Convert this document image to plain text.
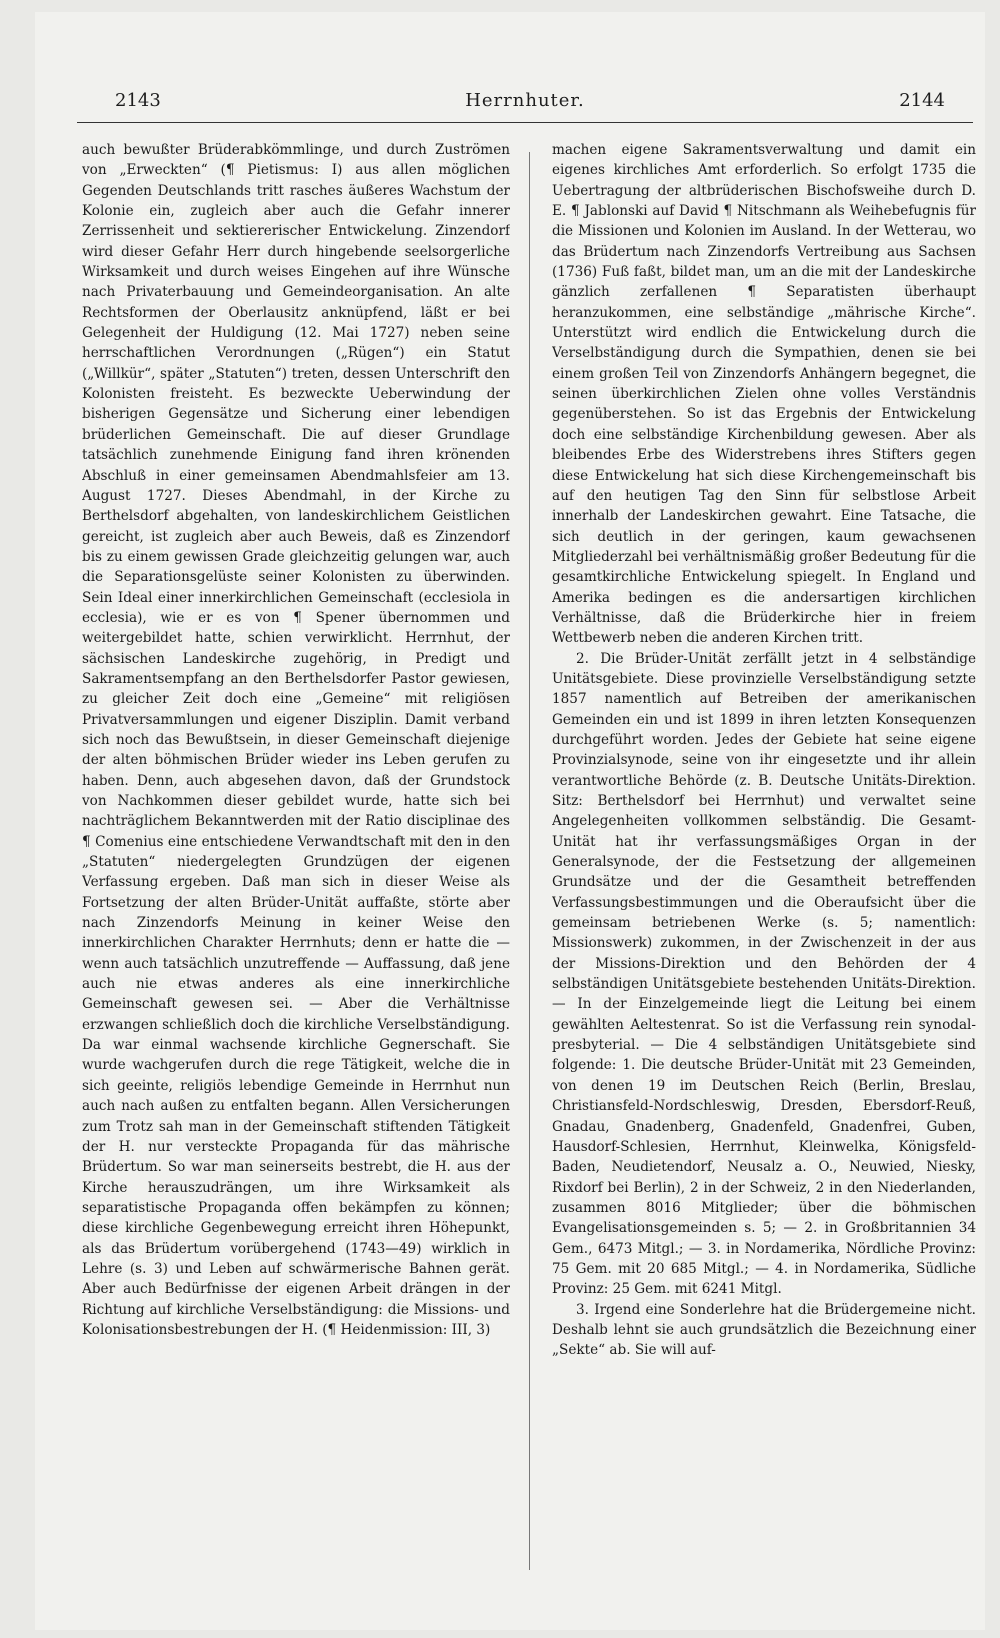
2143	Herrnhuter.	2144

auch bewußter Brüderabkömmlinge, und durch Zuströmen von „Erweckten“ (¶ Pietismus: I) aus allen möglichen Gegenden Deutschlands tritt rasches äußeres Wachstum der Kolonie ein, zugleich aber auch die Gefahr innerer Zerrissenheit und sektiererischer Entwickelung. Zinzendorf wird dieser Gefahr Herr durch hingebende seelsorgerliche Wirksamkeit und durch weises Eingehen auf ihre Wünsche nach Privaterbauung und Gemeindeorganisation. An alte Rechtsformen der Oberlausitz anknüpfend, läßt er bei Gelegenheit der Huldigung (12. Mai 1727) neben seine herrschaftlichen Verordnungen („Rügen“) ein Statut („Willkür“, später „Statuten“) treten, dessen Unterschrift den Kolonisten freisteht. Es bezweckte Ueberwindung der bisherigen Gegensätze und Sicherung einer lebendigen brüderlichen Gemeinschaft. Die auf dieser Grundlage tatsächlich zunehmende Einigung fand ihren krönenden Abschluß in einer gemeinsamen Abendmahlsfeier am 13. August 1727. Dieses Abendmahl, in der Kirche zu Berthelsdorf abgehalten, von landeskirchlichem Geistlichen gereicht, ist zugleich aber auch Beweis, daß es Zinzendorf bis zu einem gewissen Grade gleichzeitig gelungen war, auch die Separationsgelüste seiner Kolonisten zu überwinden. Sein Ideal einer innerkirchlichen Gemeinschaft (ecclesiola in ecclesia), wie er es von ¶ Spener übernommen und weitergebildet hatte, schien verwirklicht. Herrnhut, der sächsischen Landeskirche zugehörig, in Predigt und Sakramentsempfang an den Berthelsdorfer Pastor gewiesen, zu gleicher Zeit doch eine „Gemeine“ mit religiösen Privatversammlungen und eigener Disziplin. Damit verband sich noch das Bewußtsein, in dieser Gemeinschaft diejenige der alten böhmischen Brüder wieder ins Leben gerufen zu haben. Denn, auch abgesehen davon, daß der Grundstock von Nachkommen dieser gebildet wurde, hatte sich bei nachträglichem Bekanntwerden mit der Ratio disciplinae des ¶ Comenius eine entschiedene Verwandtschaft mit den in den „Statuten“ niedergelegten Grundzügen der eigenen Verfassung ergeben. Daß man sich in dieser Weise als Fortsetzung der alten Brüder-Unität auffaßte, störte aber nach Zinzendorfs Meinung in keiner Weise den innerkirchlichen Charakter Herrnhuts; denn er hatte die — wenn auch tatsächlich unzutreffende — Auffassung, daß jene auch nie etwas anderes als eine innerkirchliche Gemeinschaft gewesen sei. — Aber die Verhältnisse erzwangen schließlich doch die kirchliche Verselbständigung. Da war einmal wachsende kirchliche Gegnerschaft. Sie wurde wachgerufen durch die rege Tätigkeit, welche die in sich geeinte, religiös lebendige Gemeinde in Herrnhut nun auch nach außen zu entfalten begann. Allen Versicherungen zum Trotz sah man in der Gemeinschaft stiftenden Tätigkeit der H. nur versteckte Propaganda für das mährische Brüdertum. So war man seinerseits bestrebt, die H. aus der Kirche herauszudrängen, um ihre Wirksamkeit als separatistische Propaganda offen bekämpfen zu können; diese kirchliche Gegenbewegung erreicht ihren Höhepunkt, als das Brüdertum vorübergehend (1743—49) wirklich in Lehre (s. 3) und Leben auf schwärmerische Bahnen gerät. Aber auch Bedürfnisse der eigenen Arbeit drängen in der Richtung auf kirchliche Verselbständigung: die Missions- und Kolonisationsbestrebungen der H. (¶ Heidenmission: III, 3)

machen eigene Sakramentsverwaltung und damit ein eigenes kirchliches Amt erforderlich. So erfolgt 1735 die Uebertragung der altbrüderischen Bischofsweihe durch D. E. ¶ Jablonski auf David ¶ Nitschmann als Weihebefugnis für die Missionen und Kolonien im Ausland. In der Wetterau, wo das Brüdertum nach Zinzendorfs Vertreibung aus Sachsen (1736) Fuß faßt, bildet man, um an die mit der Landeskirche gänzlich zerfallenen ¶ Separatisten überhaupt heranzukommen, eine selbständige „mährische Kirche“. Unterstützt wird endlich die Entwickelung durch die Verselbständigung durch die Sympathien, denen sie bei einem großen Teil von Zinzendorfs Anhängern begegnet, die seinen überkirchlichen Zielen ohne volles Verständnis gegenüberstehen. So ist das Ergebnis der Entwickelung doch eine selbständige Kirchenbildung gewesen. Aber als bleibendes Erbe des Widerstrebens ihres Stifters gegen diese Entwickelung hat sich diese Kirchengemeinschaft bis auf den heutigen Tag den Sinn für selbstlose Arbeit innerhalb der Landeskirchen gewahrt. Eine Tatsache, die sich deutlich in der geringen, kaum gewachsenen Mitgliederzahl bei verhältnismäßig großer Bedeutung für die gesamtkirchliche Entwickelung spiegelt. In England und Amerika bedingen es die andersartigen kirchlichen Verhältnisse, daß die Brüderkirche hier in freiem Wettbewerb neben die anderen Kirchen tritt.

2. Die Brüder-Unität zerfällt jetzt in 4 selbständige Unitätsgebiete. Diese provinzielle Verselbständigung setzte 1857 namentlich auf Betreiben der amerikanischen Gemeinden ein und ist 1899 in ihren letzten Konsequenzen durchgeführt worden. Jedes der Gebiete hat seine eigene Provinzialsynode, seine von ihr eingesetzte und ihr allein verantwortliche Behörde (z. B. Deutsche Unitäts-Direktion. Sitz: Berthelsdorf bei Herrnhut) und verwaltet seine Angelegenheiten vollkommen selbständig. Die Gesamt-Unität hat ihr verfassungsmäßiges Organ in der Generalsynode, der die Festsetzung der allgemeinen Grundsätze und der die Gesamtheit betreffenden Verfassungsbestimmungen und die Oberaufsicht über die gemeinsam betriebenen Werke (s. 5; namentlich: Missionswerk) zukommen, in der Zwischenzeit in der aus der Missions-Direktion und den Behörden der 4 selbständigen Unitätsgebiete bestehenden Unitäts-Direktion. — In der Einzelgemeinde liegt die Leitung bei einem gewählten Aeltestenrat. So ist die Verfassung rein synodal-presbyterial. — Die 4 selbständigen Unitätsgebiete sind folgende: 1. Die deutsche Brüder-Unität mit 23 Gemeinden, von denen 19 im Deutschen Reich (Berlin, Breslau, Christiansfeld-Nordschleswig, Dresden, Ebersdorf-Reuß, Gnadau, Gnadenberg, Gnadenfeld, Gnadenfrei, Guben, Hausdorf-Schlesien, Herrnhut, Kleinwelka, Königsfeld-Baden, Neudietendorf, Neusalz a. O., Neuwied, Niesky, Rixdorf bei Berlin), 2 in der Schweiz, 2 in den Niederlanden, zusammen 8016 Mitglieder; über die böhmischen Evangelisationsgemeinden s. 5; — 2. in Großbritannien 34 Gem., 6473 Mitgl.; — 3. in Nordamerika, Nördliche Provinz: 75 Gem. mit 20 685 Mitgl.; — 4. in Nordamerika, Südliche Provinz: 25 Gem. mit 6241 Mitgl.

3. Irgend eine Sonderlehre hat die Brüdergemeine nicht. Deshalb lehnt sie auch grundsätzlich die Bezeichnung einer „Sekte“ ab. Sie will auf-
